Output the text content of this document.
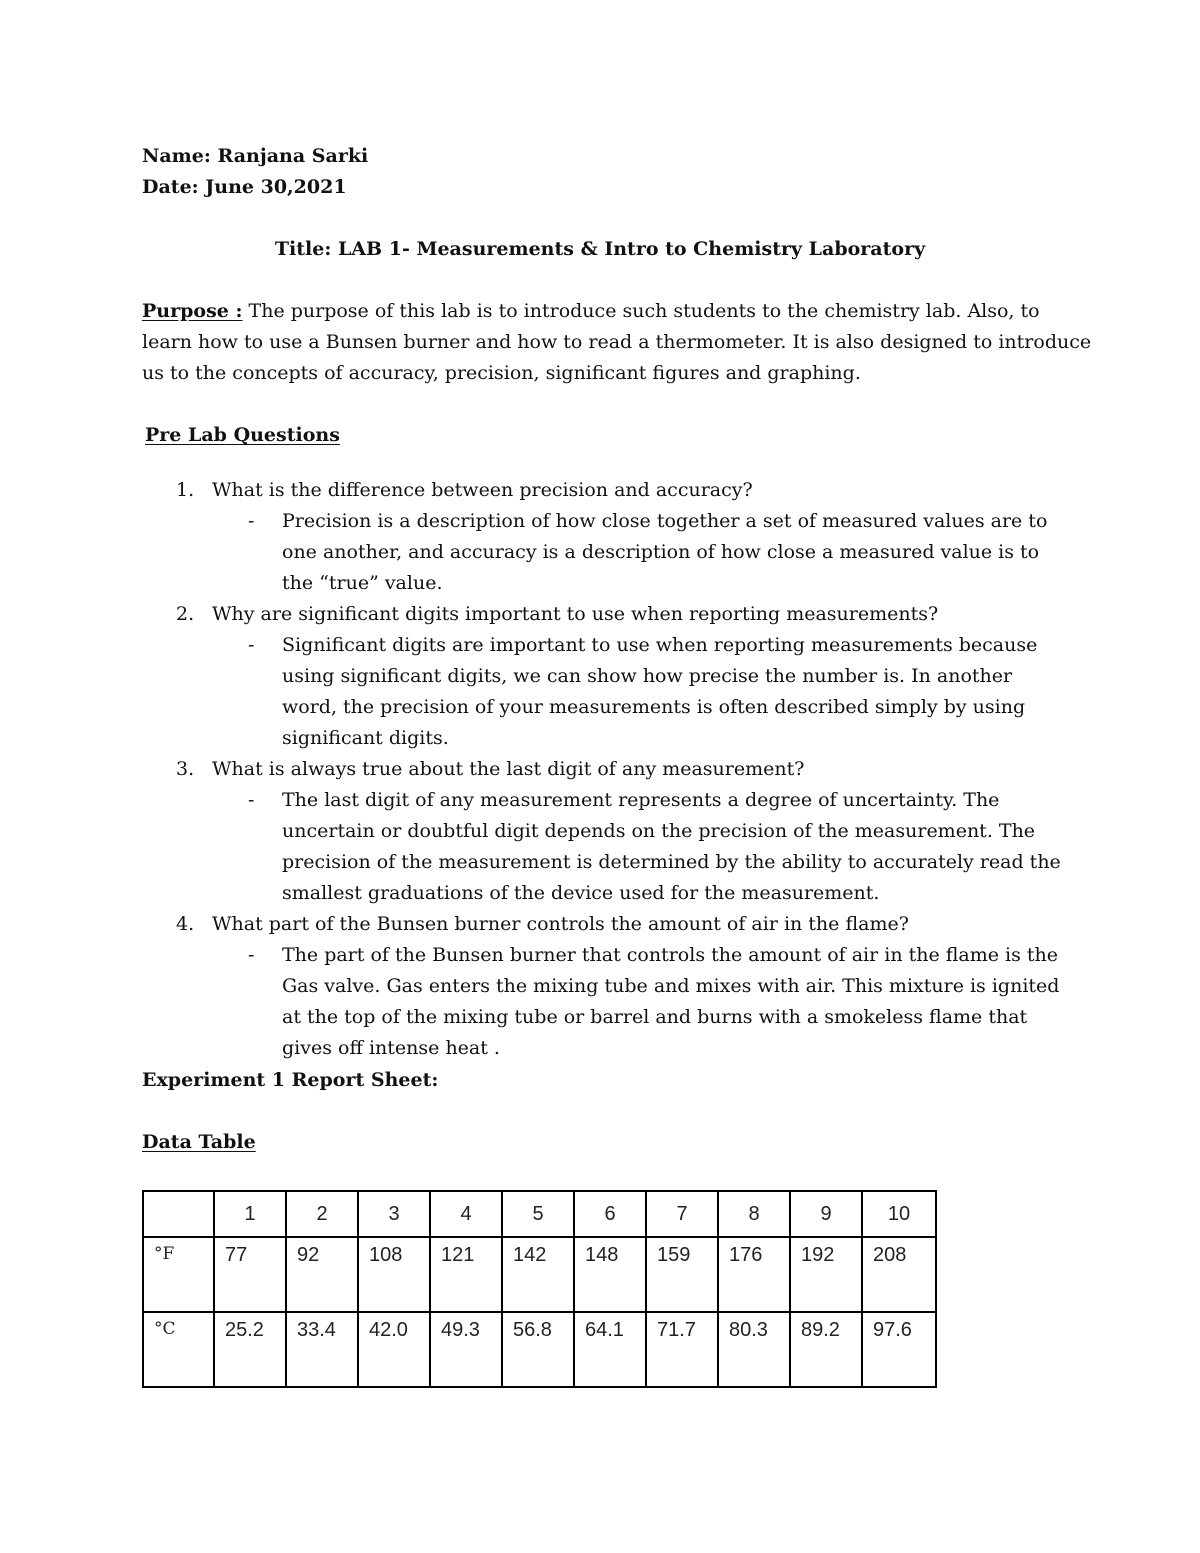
Name: Ranjana Sarki
Date: June 30,2021
Title: LAB 1- Measurements & Intro to Chemistry Laboratory
Purpose : The purpose of this lab is to introduce such students to the chemistry lab. Also, to
learn how to use a Bunsen burner and how to read a thermometer. It is also designed to introduce
us to the concepts of accuracy, precision, significant figures and graphing.
Pre Lab Questions
1. What is the difference between precision and accuracy?
- Precision is a description of how close together a set of measured values are to one another, and accuracy is a description of how close a measured value is to the “true” value.
2. Why are significant digits important to use when reporting measurements?
- Significant digits are important to use when reporting measurements because using significant digits, we can show how precise the number is. In another word, the precision of your measurements is often described simply by using significant digits.
3. What is always true about the last digit of any measurement?
- The last digit of any measurement represents a degree of uncertainty. The uncertain or doubtful digit depends on the precision of the measurement. The precision of the measurement is determined by the ability to accurately read the smallest graduations of the device used for the measurement.
4. What part of the Bunsen burner controls the amount of air in the flame?
- The part of the Bunsen burner that controls the amount of air in the flame is the Gas valve. Gas enters the mixing tube and mixes with air. This mixture is ignited at the top of the mixing tube or barrel and burns with a smokeless flame that gives off intense heat .
Experiment 1 Report Sheet:
Data Table
	1	2	3	4	5	6	7	8	9	10
°F	77	92	108	121	142	148	159	176	192	208
°C	25.2	33.4	42.0	49.3	56.8	64.1	71.7	80.3	89.2	97.6
